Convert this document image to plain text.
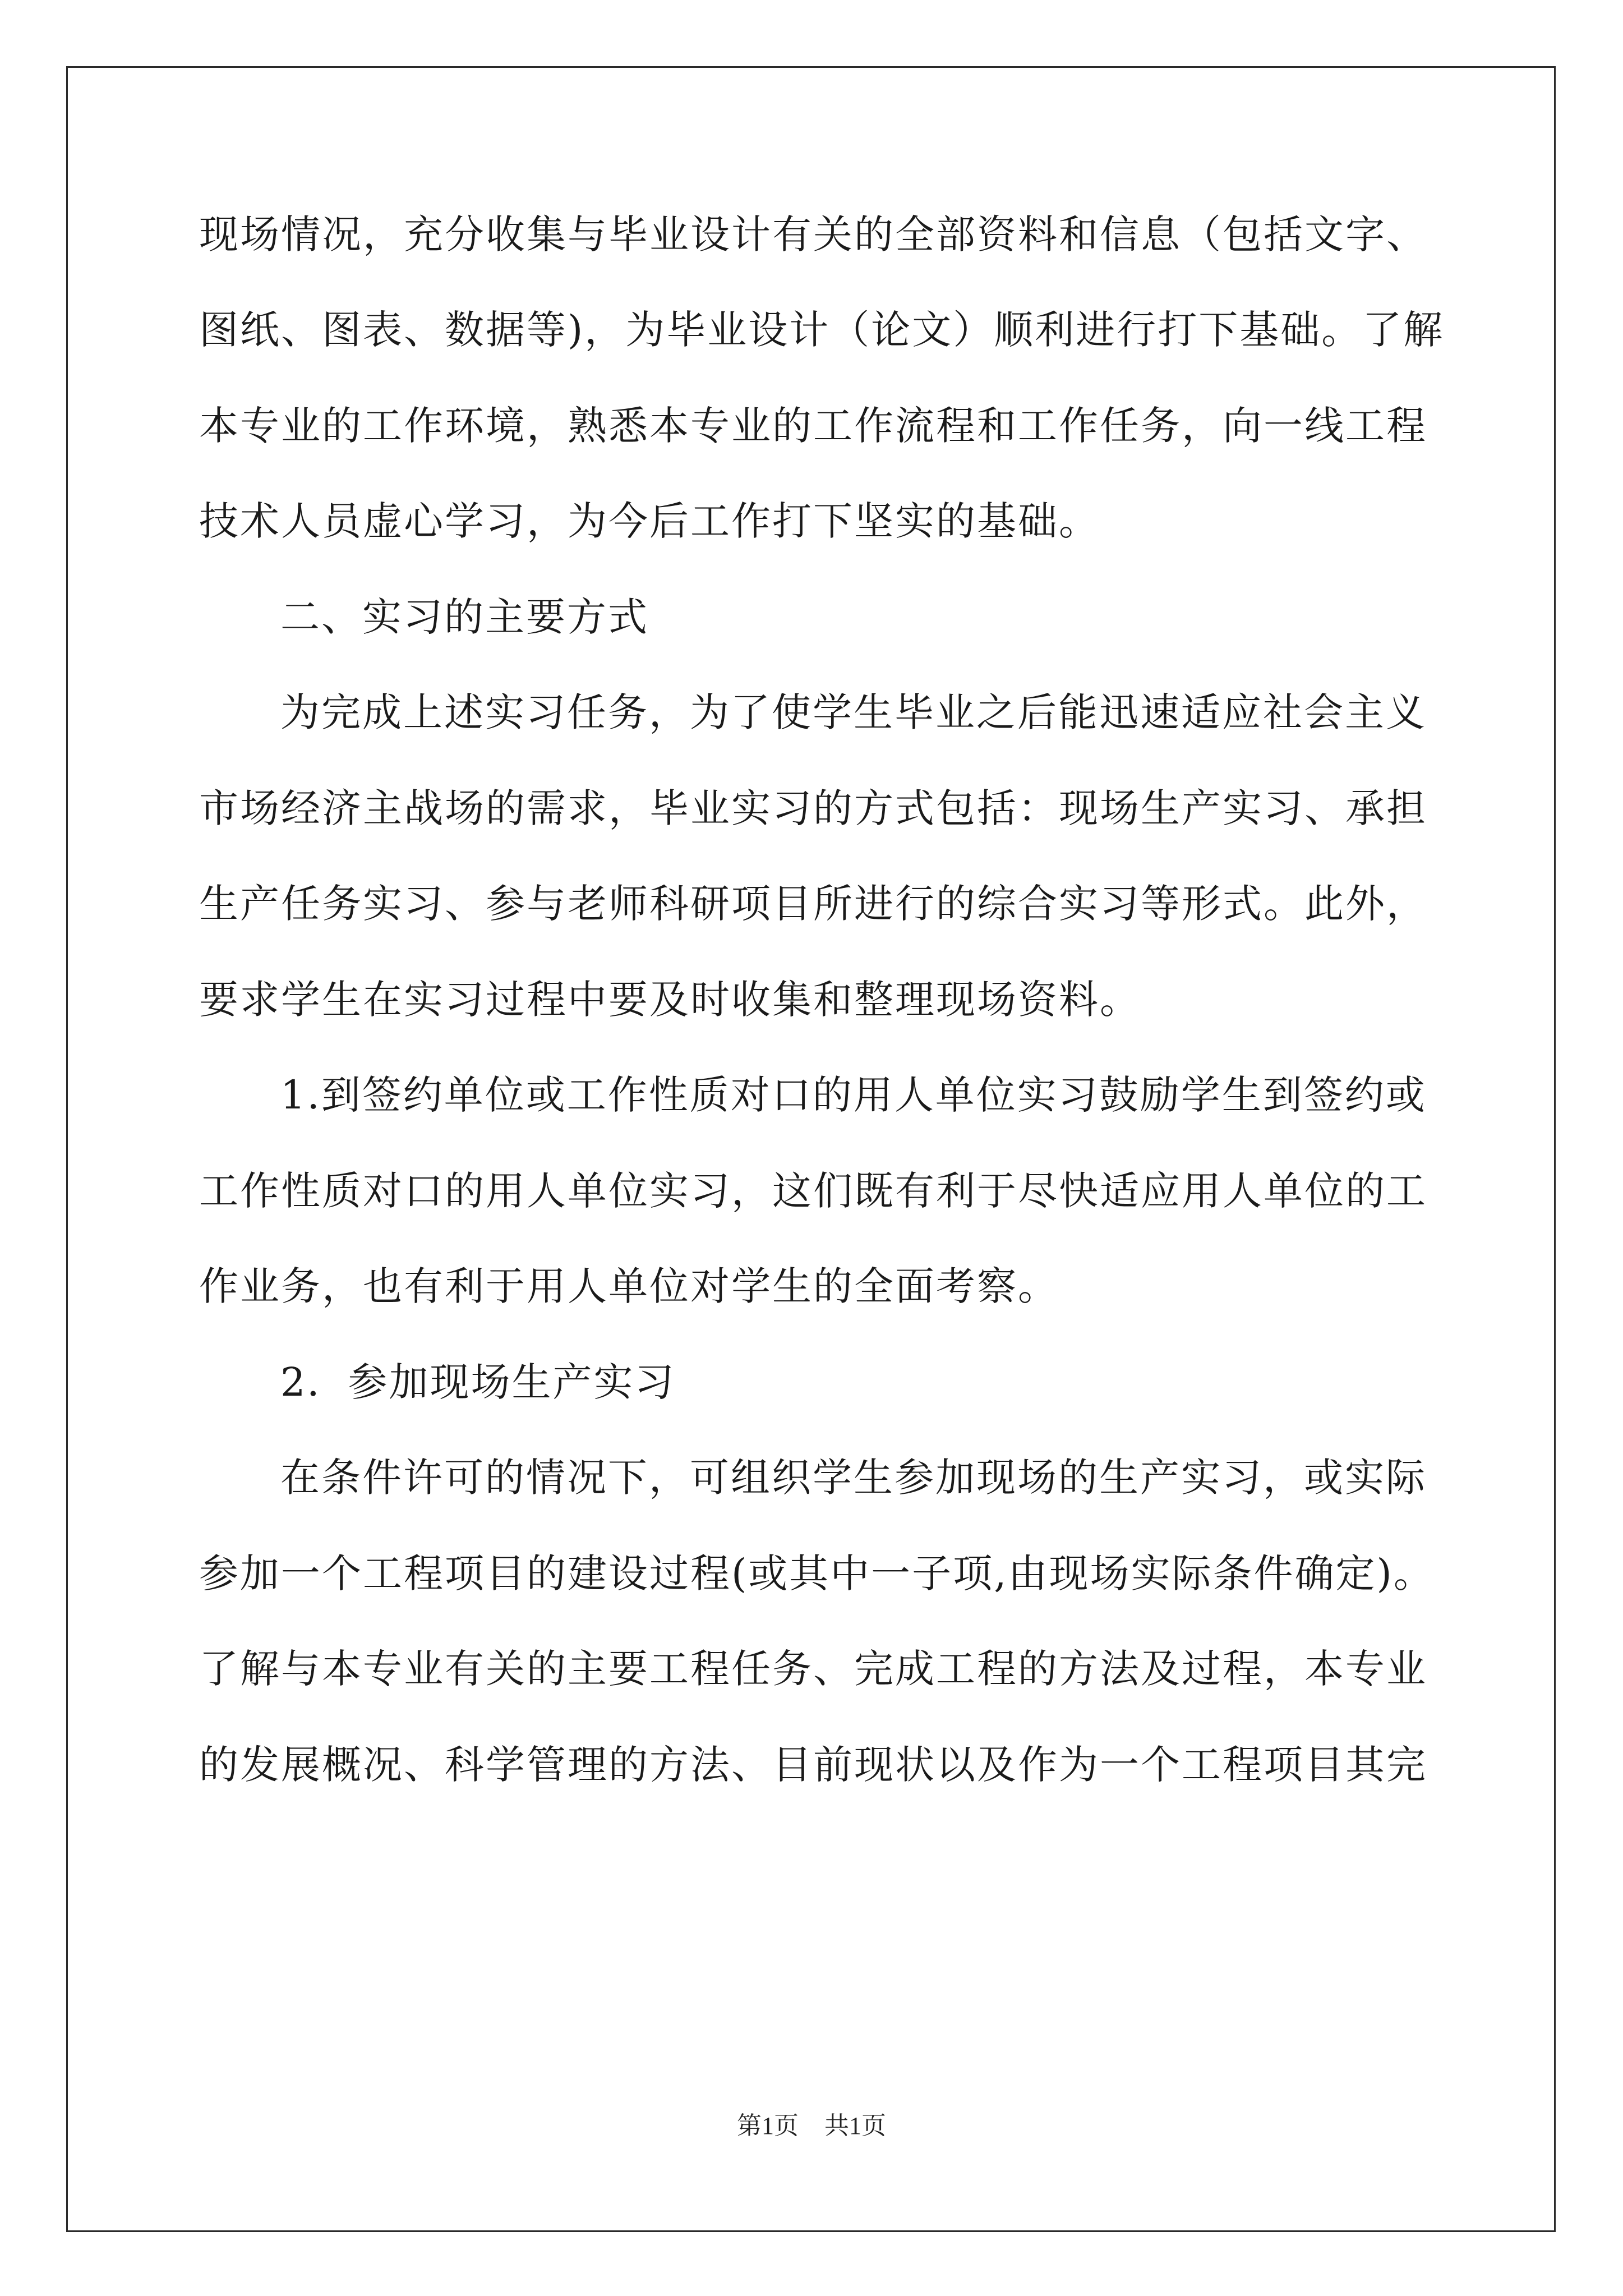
现场情况，充分收集与毕业设计有关的全部资料和信息（包括文字、
图纸、图表、数据等)，为毕业设计（论文）顺利进行打下基础。了解
本专业的工作环境，熟悉本专业的工作流程和工作任务，向一线工程
技术人员虚心学习，为今后工作打下坚实的基础。
二、实习的主要方式
为完成上述实习任务，为了使学生毕业之后能迅速适应社会主义
市场经济主战场的需求，毕业实习的方式包括：现场生产实习、承担
生产任务实习、参与老师科研项目所进行的综合实习等形式。此外，
要求学生在实习过程中要及时收集和整理现场资料。
1.到签约单位或工作性质对口的用人单位实习鼓励学生到签约或
工作性质对口的用人单位实习，这们既有利于尽快适应用人单位的工
作业务，也有利于用人单位对学生的全面考察。
2．参加现场生产实习
在条件许可的情况下，可组织学生参加现场的生产实习，或实际
参加一个工程项目的建设过程(或其中一子项,由现场实际条件确定)。
了解与本专业有关的主要工程任务、完成工程的方法及过程，本专业
的发展概况、科学管理的方法、目前现状以及作为一个工程项目其完
第1页 共1页
